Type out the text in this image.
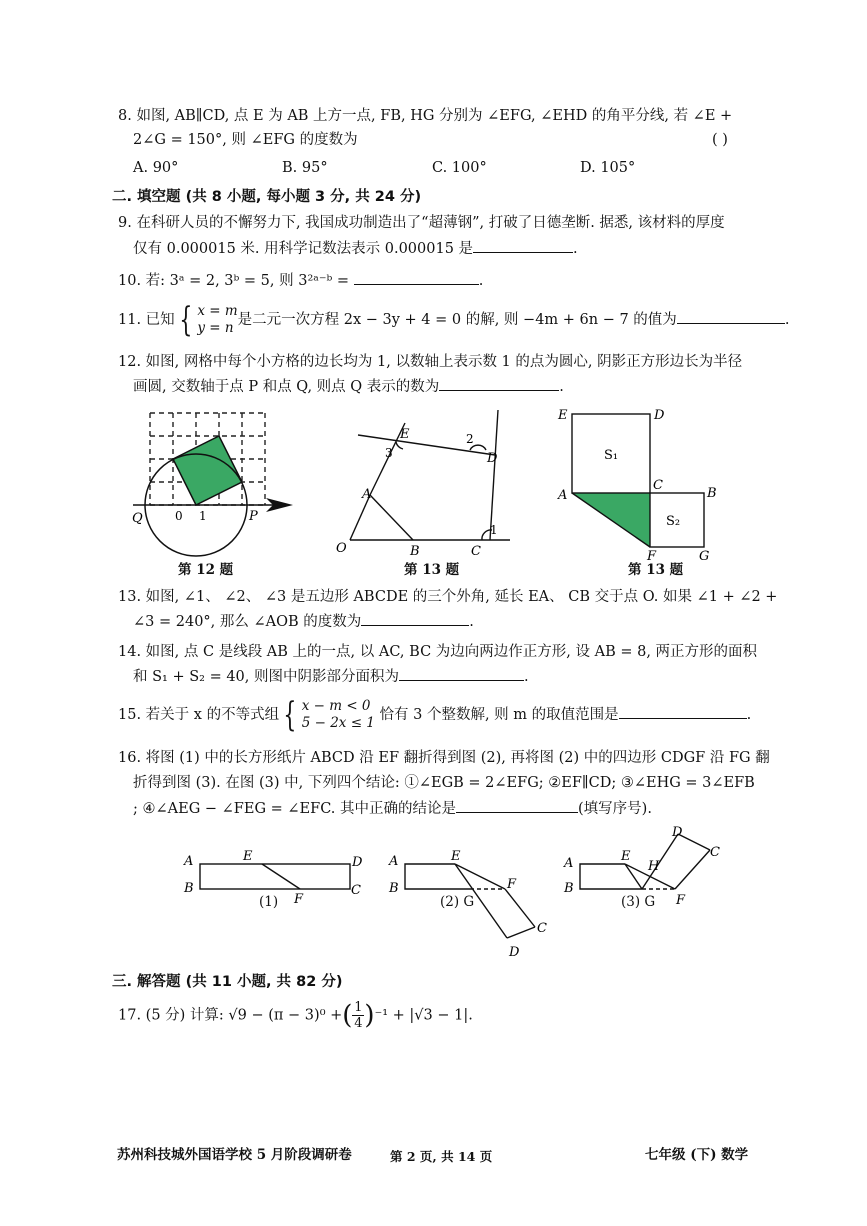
8. 如图, AB∥CD, 点 E 为 AB 上方一点, FB, HG 分别为 ∠EFG, ∠EHD 的角平分线, 若 ∠E +
2∠G = 150°, 则 ∠EFG 的度数为	( )
A. 90°	B. 95°	C. 100°	D. 105°
二. 填空题 (共 8 小题, 每小题 3 分, 共 24 分)
9. 在科研人员的不懈努力下, 我国成功制造出了“超薄钢”, 打破了日德垄断. 据悉, 该材料的厚度
仅有 0.000015 米. 用科学记数法表示 0.000015 是	.
10. 若: 3ᵃ = 2, 3ᵇ = 5, 则 3²ᵃ⁻ᵇ =	.
11. 已知 { x = m
y = n 是二元一次方程 2x − 3y + 4 = 0 的解, 则 −4m + 6n − 7 的值为	.
12. 如图, 网格中每个小方格的边长均为 1, 以数轴上表示数 1 的点为圆心, 阴影正方形边长为半径
画圆, 交数轴于点 P 和点 Q, 则点 Q 表示的数为	.
Q	0 1	P
第 12 题
E
3
2
D
A
O	B	C
1
第 13 题
E	D
S₁
A
C
B
S₂
F	G
第 13 题
13. 如图, ∠1、 ∠2、 ∠3 是五边形 ABCDE 的三个外角, 延长 EA、 CB 交于点 O. 如果 ∠1 + ∠2 +
∠3 = 240°, 那么 ∠AOB 的度数为	.
14. 如图, 点 C 是线段 AB 上的一点, 以 AC, BC 为边向两边作正方形, 设 AB = 8, 两正方形的面积
和 S₁ + S₂ = 40, 则图中阴影部分面积为	.
15. 若关于 x 的不等式组 { x − m < 0
5 − 2x ≤ 1 恰有 3 个整数解, 则 m 的取值范围是	.
16. 将图 (1) 中的长方形纸片 ABCD 沿 EF 翻折得到图 (2), 再将图 (2) 中的四边形 CDGF 沿 FG 翻
折得到图 (3). 在图 (3) 中, 下列四个结论: ①∠EGB = 2∠EFG; ②EF∥CD; ③∠EHG = 3∠EFB
; ④∠AEG − ∠FEG = ∠EFC. 其中正确的结论是	(填写序号).
A	E	D
B
F
C
(1)
A	E
B	F
C
D
(2) G
A	E
H
D
C
B
F
(3) G
三. 解答题 (共 11 小题, 共 82 分)
17. (5 分) 计算: √9 − (π − 3)⁰ +( $\frac{1}{4} )^{-1} + |√3 - 1|$.
苏州科技城外国语学校 5 月阶段调研卷	第 2 页, 共 14 页	七年级 (下) 数学
